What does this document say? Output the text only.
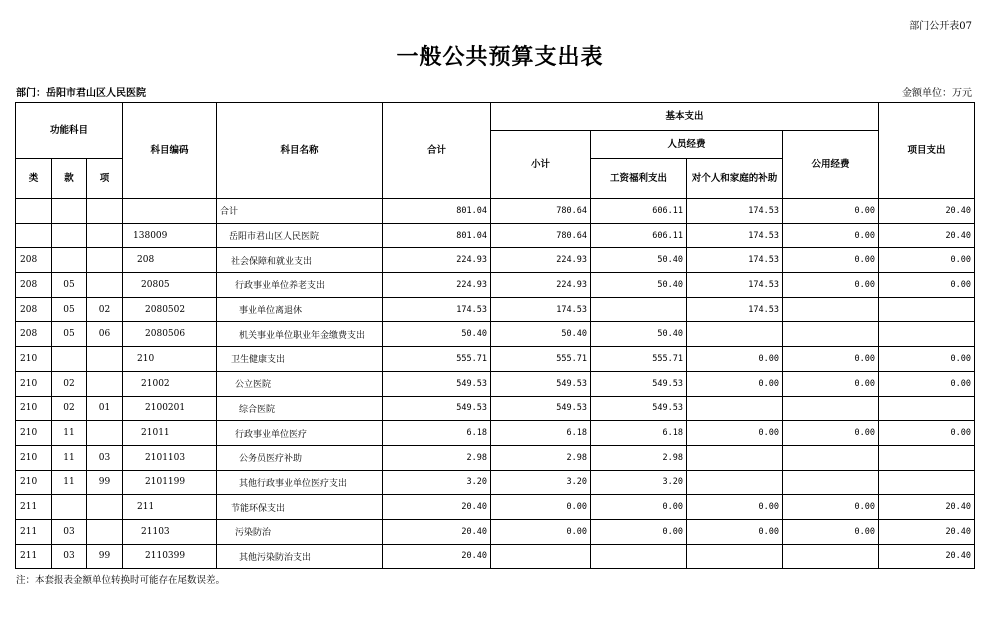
部门公开表07
一般公共预算支出表
部门：岳阳市君山区人民医院	金额单位：万元
功能科目			科目编码	科目名称	合计	基本支出				项目支出
						小计	人员经费		公用经费	
类	款	项					工资福利支出	对个人和家庭的补助		
				合计	801.04	780.64	606.11	174.53	0.00	20.40
			138009	岳阳市君山区人民医院	801.04	780.64	606.11	174.53	0.00	20.40
208			208	社会保障和就业支出	224.93	224.93	50.40	174.53	0.00	0.00
208	05		20805	行政事业单位养老支出	224.93	224.93	50.40	174.53	0.00	0.00
208	05	02	2080502	事业单位离退休	174.53	174.53		174.53		
208	05	06	2080506	机关事业单位职业年金缴费支出	50.40	50.40	50.40			
210			210	卫生健康支出	555.71	555.71	555.71	0.00	0.00	0.00
210	02		21002	公立医院	549.53	549.53	549.53	0.00	0.00	0.00
210	02	01	2100201	综合医院	549.53	549.53	549.53			
210	11		21011	行政事业单位医疗	6.18	6.18	6.18	0.00	0.00	0.00
210	11	03	2101103	公务员医疗补助	2.98	2.98	2.98			
210	11	99	2101199	其他行政事业单位医疗支出	3.20	3.20	3.20			
211			211	节能环保支出	20.40	0.00	0.00	0.00	0.00	20.40
211	03		21103	污染防治	20.40	0.00	0.00	0.00	0.00	20.40
211	03	99	2110399	其他污染防治支出	20.40					20.40
注：本套报表金额单位转换时可能存在尾数误差。
